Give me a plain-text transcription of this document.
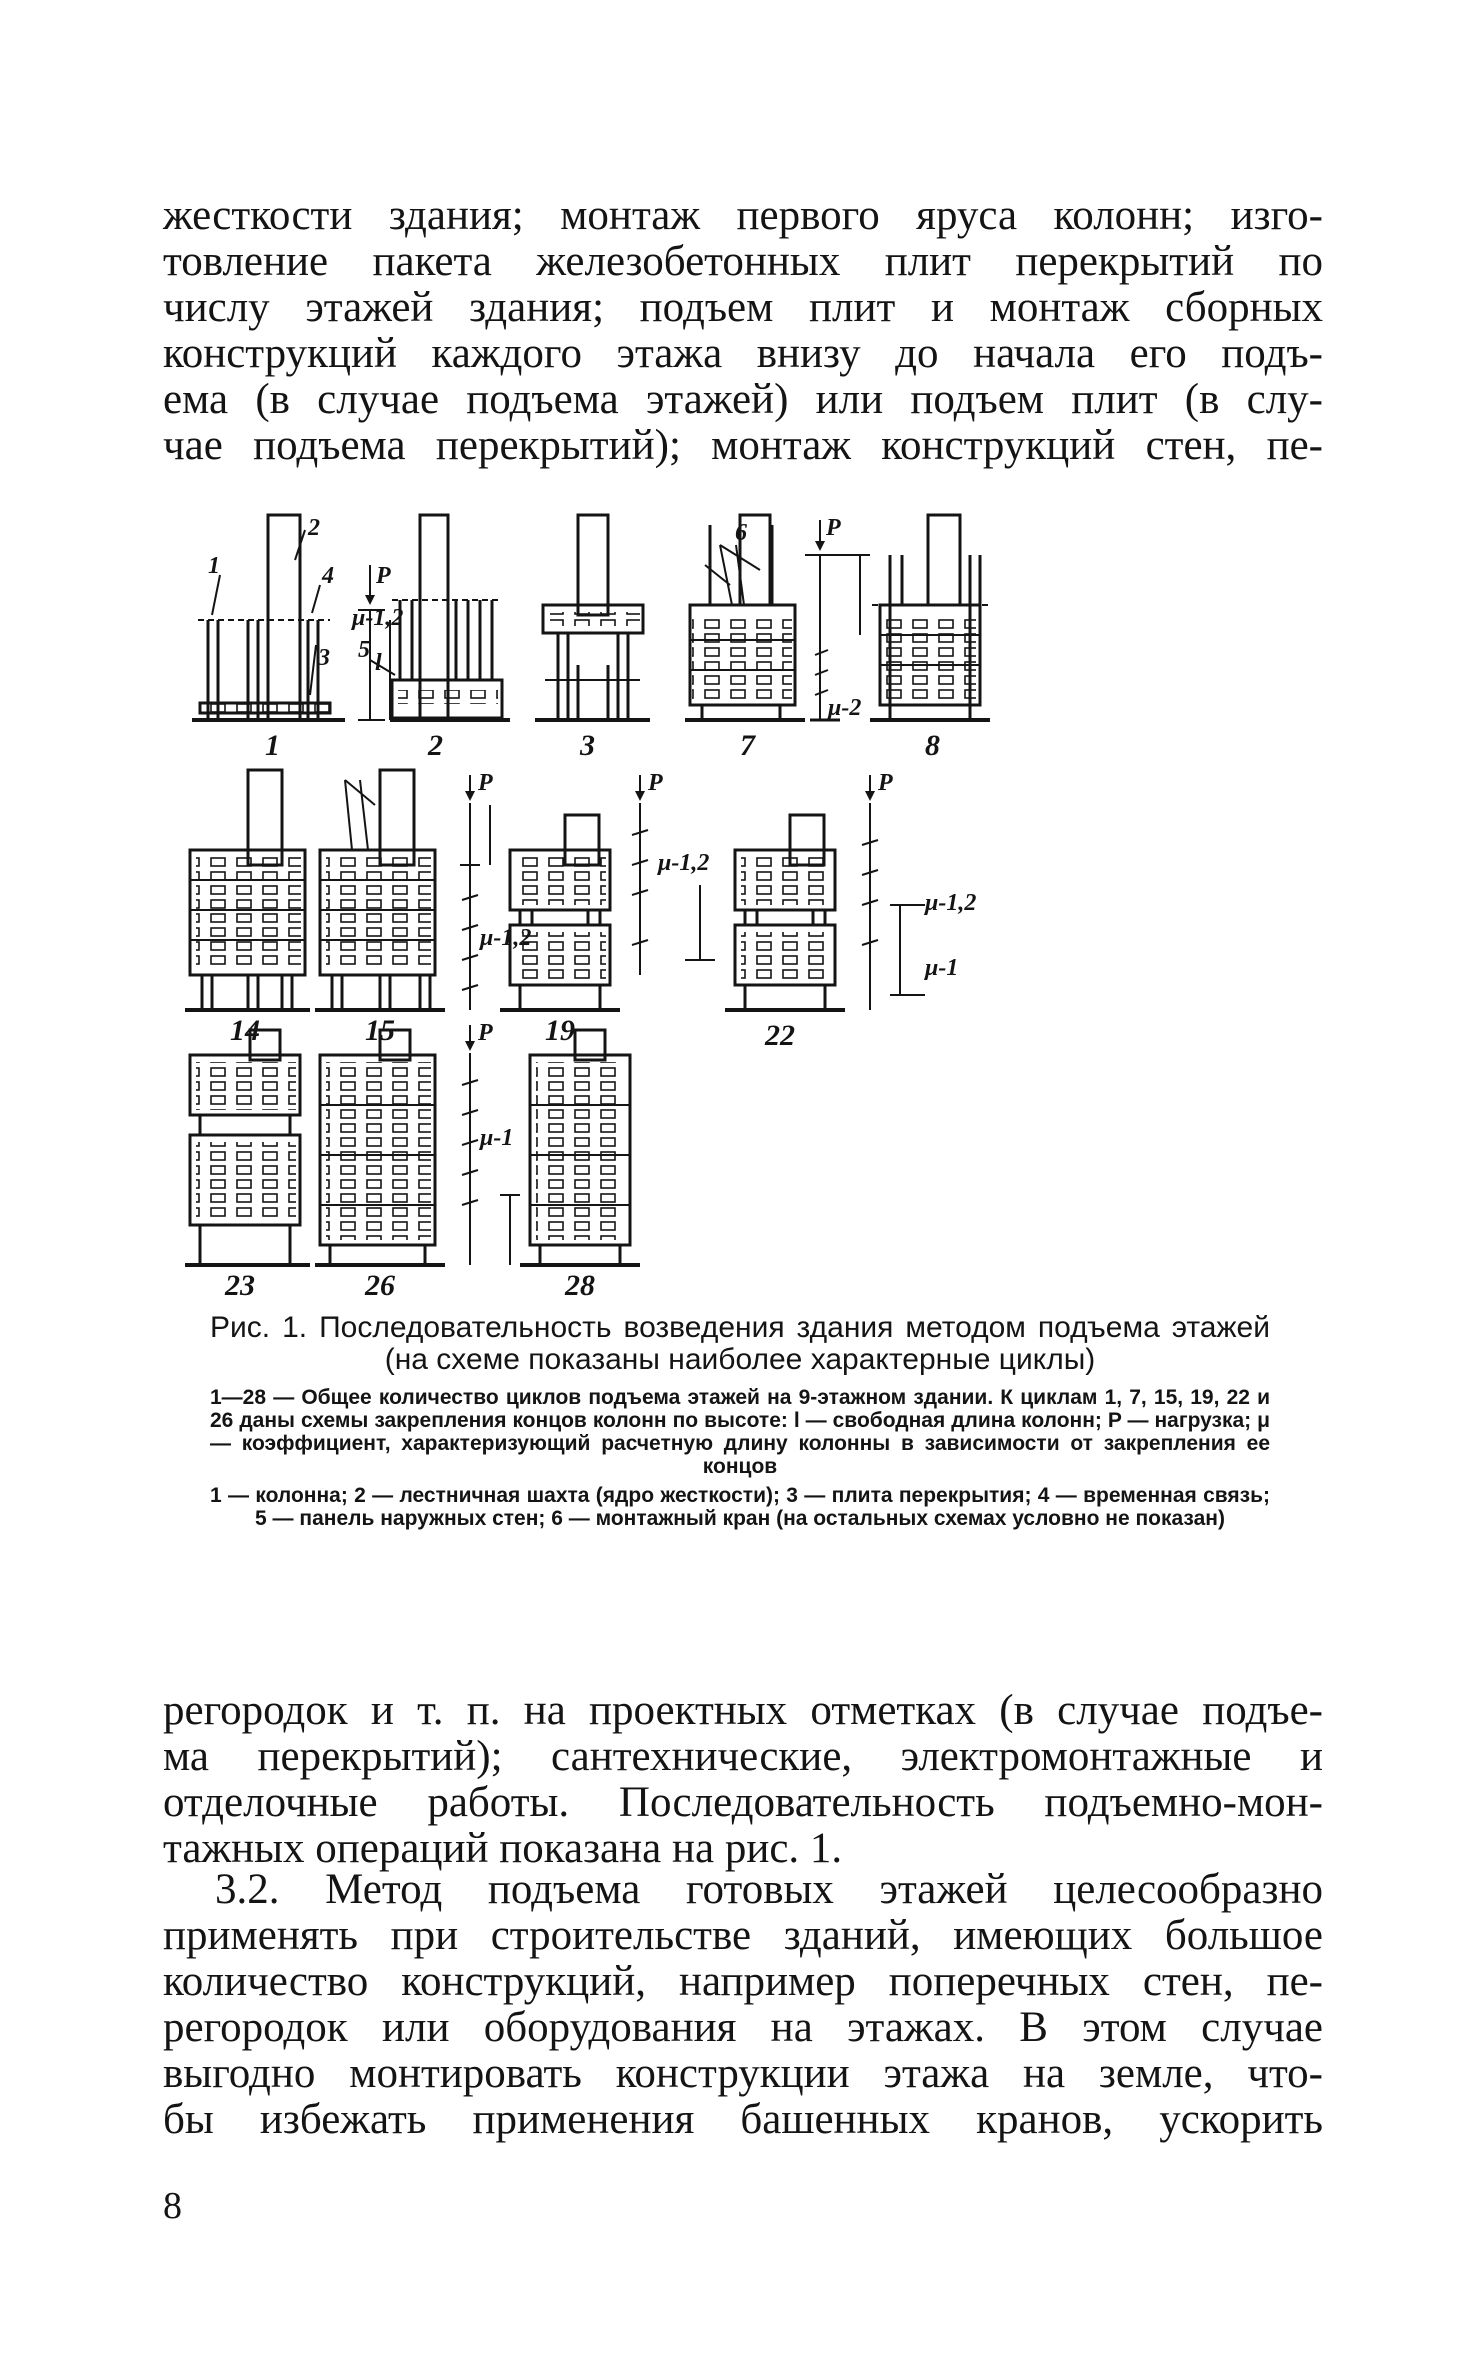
жесткости здания; монтаж первого яруса колонн; изго-
товление пакета железобетонных плит перекрытий по
числу этажей здания; подъем плит и монтаж сборных
конструкций каждого этажа внизу до начала его подъ-
ема (в случае подъема этажей) или подъем плит (в слу-
чае подъема перекрытий); монтаж конструкций стен, пе-
1	2	3	7	8
14	15	19	22
23	26	28
1
2
3
4
5
6
P
l
μ-1,2
P
μ-2
P
μ-1,2
P
μ-1,2
P
μ-1,2
μ-1
P
μ-1

Рис. 1. Последовательность возведения здания методом подъема этажей (на схеме показаны наиболее характерные циклы)

1—28 — Общее количество циклов подъема этажей на 9-этажном здании. К циклам 1, 7, 15, 19, 22 и 26 даны схемы закрепления концов колонн по высоте: l — свободная длина колонн; P — нагрузка; μ — коэффициент, характеризующий расчетную длину колонны в зависимости от закрепления ее концов

1 — колонна; 2 — лестничная шахта (ядро жесткости); 3 — плита перекрытия; 4 — временная связь; 5 — панель наружных стен; 6 — монтажный кран (на остальных схемах условно не показан)

регородок и т. п. на проектных отметках (в случае подъе-
ма перекрытий); сантехнические, электромонтажные и
отделочные работы. Последовательность подъемно-мон-
тажных операций показана на рис. 1.
3.2. Метод подъема готовых этажей целесообразно
применять при строительстве зданий, имеющих большое
количество конструкций, например поперечных стен, пе-
регородок или оборудования на этажах. В этом случае
выгодно монтировать конструкции этажа на земле, что-
бы избежать применения башенных кранов, ускорить
8
